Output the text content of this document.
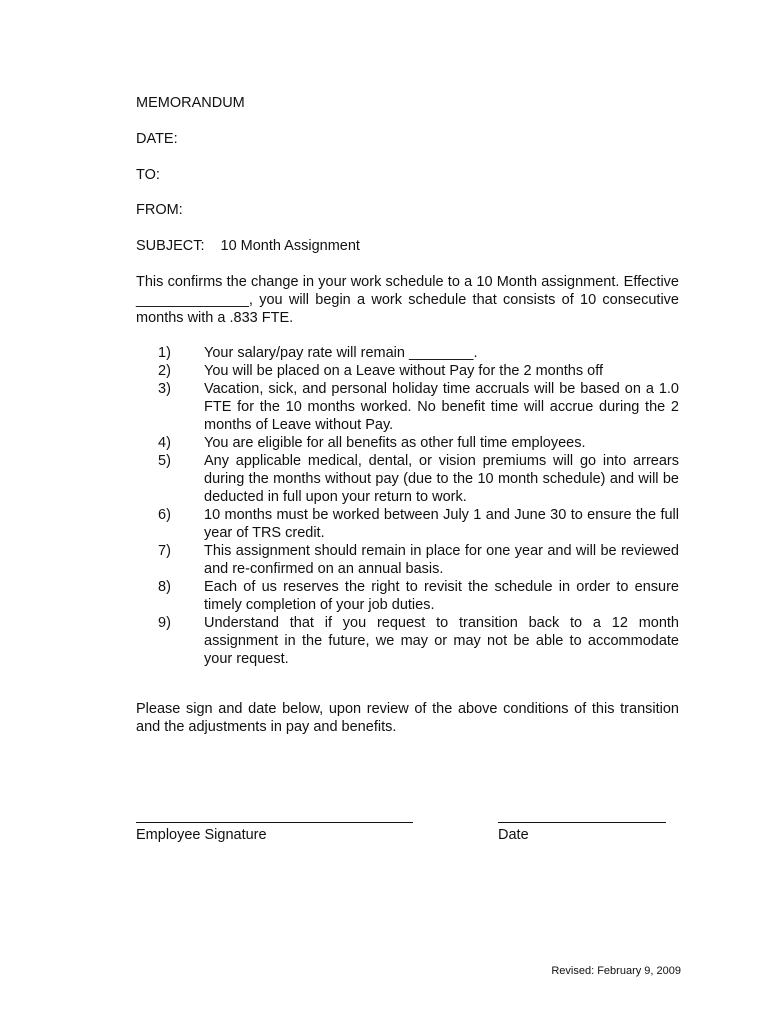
MEMORANDUM
DATE:
TO:
FROM:
SUBJECT: 10 Month Assignment
This confirms the change in your work schedule to a 10 Month assignment. Effective ______________, you will begin a work schedule that consists of 10 consecutive months with a .833 FTE.
1)	Your salary/pay rate will remain ________.
2)	You will be placed on a Leave without Pay for the 2 months off
3)	Vacation, sick, and personal holiday time accruals will be based on a 1.0 FTE for the 10 months worked. No benefit time will accrue during the 2 months of Leave without Pay.
4)	You are eligible for all benefits as other full time employees.
5)	Any applicable medical, dental, or vision premiums will go into arrears during the months without pay (due to the 10 month schedule) and will be deducted in full upon your return to work.
6)	10 months must be worked between July 1 and June 30 to ensure the full year of TRS credit.
7)	This assignment should remain in place for one year and will be reviewed and re-confirmed on an annual basis.
8)	Each of us reserves the right to revisit the schedule in order to ensure timely completion of your job duties.
9)	Understand that if you request to transition back to a 12 month assignment in the future, we may or may not be able to accommodate your request.
Please sign and date below, upon review of the above conditions of this transition and the adjustments in pay and benefits.
Employee Signature	Date
Revised: February 9, 2009
